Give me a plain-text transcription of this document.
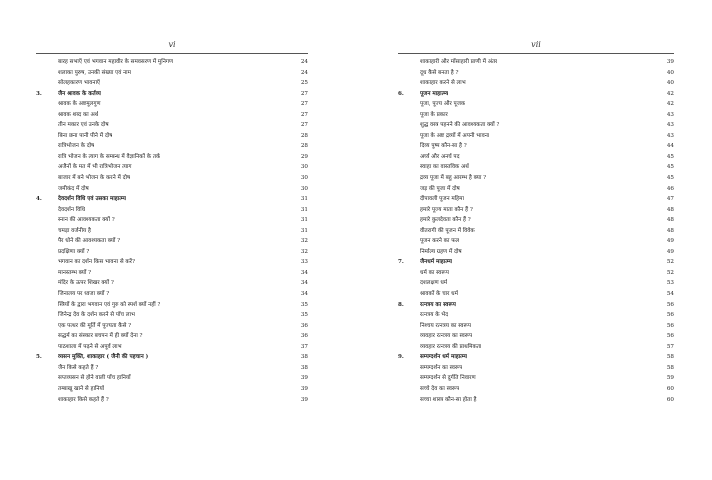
vi
बारह सभाएँ एवं भगवान महावीर के समवसरण में मुनिगण	24
शलाका पुरुष, उनकी संख्या एवं नाम	24
सोलहकारण भावनाएँ	25
3.	जैन श्रावक के कर्तव्य	27
श्रावक के अष्टमूलगुण	27
श्रावक शब्द का अर्थ	27
तीन मकार एवं उनके दोष	27
बिना छना पानी पीने में दोष	28
रात्रिभोजन के दोष	28
रात्रि भोजन के त्याग के सम्बन्ध में वैज्ञानिकों के तर्क	29
अजैनों के मत में भी रात्रिभोजन त्याग	30
बाजार में बने भोजन के करने में दोष	30
जमीकंद में दोष	30
4.	देवदर्शन विधि एवं उसका माहात्म्य	31
देवदर्शन विधि	31
स्नान की आवश्यकता क्यों ?	31
चमड़ा वर्जनीय है	31
पैर धोने की आवश्यकता क्यों ?	32
प्रदक्षिणा क्यों ?	32
भगवान का दर्शन किस भावना से करें?	33
मानस्तम्भ क्यों ?	34
मंदिर के ऊपर शिखर क्यों ?	34
जिनालय पर ध्वजा क्यों ?	34
स्त्रियों के द्वारा भगवान एवं गुरु को स्पर्श क्यों नहीं ?	35
जिनेन्द्र देव के दर्शन करने से पाँच लाभ	35
एक पत्थर की मूर्ति में पूज्यता कैसे ?	36
सद्धर्म का संस्कार बचपन में ही क्यों देना ?	36
पाठशाला में पढ़ने से अपूर्व लाभ	37
5.	व्यसन मुक्ति, शाकाहार ( जैनी की पहचान )	38
जैन किसे कहते हैं ?	38
सप्तव्यसन से होने वाली पाँच हानियाँ	39
तम्बाखू खाने से हानियाँ	39
शाकाहार किसे कहते हैं ?	39
vii
शाकाहारी और माँसाहारी प्राणी में अंतर	39
दूध कैसे बनता है ?	40
शाकाहार करने से लाभ	40
6.	पूजन माहात्म्य	42
पूजा, पूज्य और पूजक	42
पूजा के प्रकार	43
शुद्ध वस्त्र पहनने की आवश्यकता क्यों ?	43
पूजा के अष्ट द्रव्यों में अपनी भावना	43
दिव्य पुष्प कौन-सा है ?	44
अर्घ्य और अनर्घ पद	45
स्वाहा का वास्तविक अर्थ	45
द्रव्य पूजा में बहु आरम्भ है क्या ?	45
जड़ की पूजा में दोष	46
दीपावली पूजन महिमा	47
हमारे पूज्य माता कौन हैं ?	48
हमारे कुलदेवता कौन हैं ?	48
वीतरागी की पूजन में विवेक	48
पूजन करने का फल	49
निर्माल्य ग्रहण में दोष	49
7.	जैनधर्म माहात्म्य	52
धर्म का स्वरूप	52
दशलक्षण धर्म	53
श्रावकों के चार धर्म	54
8.	रत्नत्रय का स्वरूप	56
रत्नत्रय के भेद	56
निश्चय रत्नत्रय का स्वरूप	56
व्यवहार रत्नत्रय का स्वरूप	56
व्यवहार रत्नत्रय की प्राथमिकता	57
9.	सम्यग्दर्शन धर्म माहात्म्य	58
सम्यग्दर्शन का स्वरूप	58
सम्यग्दर्शन से दुर्गति निवारण	59
सच्चे देव का स्वरूप	60
सच्चा शास्त्र कौन-सा होता है	60
